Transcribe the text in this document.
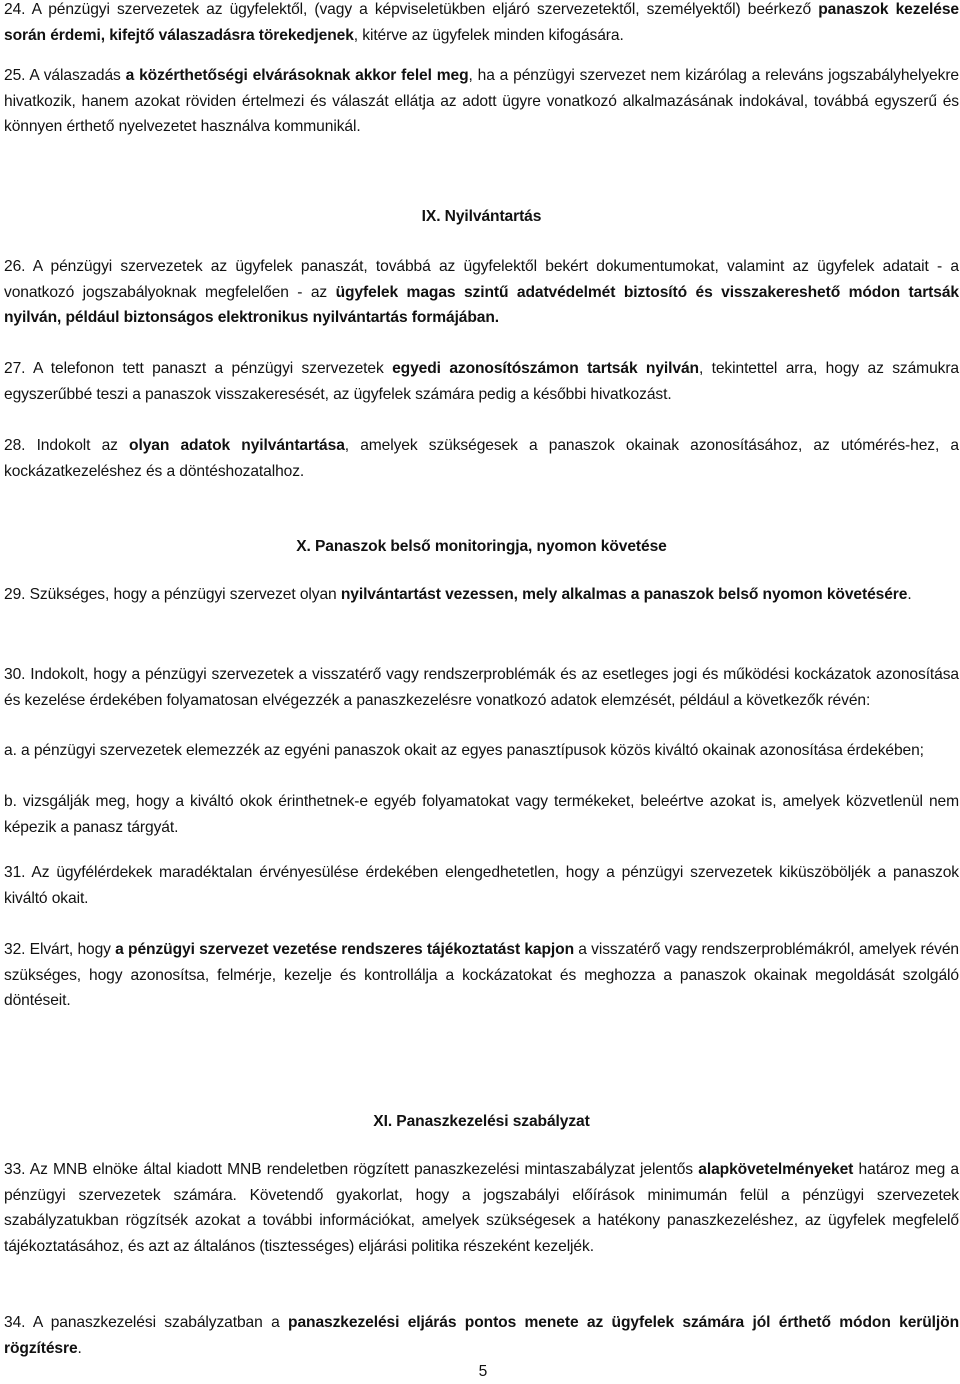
IX. Nyilvántartás
X. Panaszok belső monitoringja, nyomon követése
XI. Panaszkezelési szabályzat

24. A pénzügyi szervezetek az ügyfelektől, (vagy a képviseletükben eljáró szervezetektől, személyektől) beérkező panaszok kezelése során érdemi, kifejtő válaszadásra törekedjenek, kitérve az ügyfelek minden kifogására.

25. A válaszadás a közérthetőségi elvárásoknak akkor felel meg, ha a pénzügyi szervezet nem kizárólag a releváns jogszabályhelyekre hivatkozik, hanem azokat röviden értelmezi és válaszát ellátja az adott ügyre vonatkozó alkalmazásának indokával, továbbá egyszerű és könnyen érthető nyelvezetet használva kommunikál.

26. A pénzügyi szervezetek az ügyfelek panaszát, továbbá az ügyfelektől bekért dokumentumokat, valamint az ügyfelek adatait - a vonatkozó jogszabályoknak megfelelően - az ügyfelek magas szintű adatvédelmét biztosító és visszakereshető módon tartsák nyilván, például biztonságos elektronikus nyilvántartás formájában.

27. A telefonon tett panaszt a pénzügyi szervezetek egyedi azonosítószámon tartsák nyilván, tekintettel arra, hogy az számukra egyszerűbbé teszi a panaszok visszakeresését, az ügyfelek számára pedig a későbbi hivatkozást.

28. Indokolt az olyan adatok nyilvántartása, amelyek szükségesek a panaszok okainak azonosításához, az utómérés-hez, a kockázatkezeléshez és a döntéshozatalhoz.

29. Szükséges, hogy a pénzügyi szervezet olyan nyilvántartást vezessen, mely alkalmas a panaszok belső nyomon követésére.

30. Indokolt, hogy a pénzügyi szervezetek a visszatérő vagy rendszerproblémák és az esetleges jogi és működési kockázatok azonosítása és kezelése érdekében folyamatosan elvégezzék a panaszkezelésre vonatkozó adatok elemzését, például a következők révén:

a. a pénzügyi szervezetek elemezzék az egyéni panaszok okait az egyes panasztípusok közös kiváltó okainak azonosítása érdekében;

b. vizsgálják meg, hogy a kiváltó okok érinthetnek-e egyéb folyamatokat vagy termékeket, beleértve azokat is, amelyek közvetlenül nem képezik a panasz tárgyát.

31. Az ügyfélérdekek maradéktalan érvényesülése érdekében elengedhetetlen, hogy a pénzügyi szervezetek kiküszöböljék a panaszok kiváltó okait.

32. Elvárt, hogy a pénzügyi szervezet vezetése rendszeres tájékoztatást kapjon a visszatérő vagy rendszerproblémákról, amelyek révén szükséges, hogy azonosítsa, felmérje, kezelje és kontrollálja a kockázatokat és meghozza a panaszok okainak megoldását szolgáló döntéseit.

33. Az MNB elnöke által kiadott MNB rendeletben rögzített panaszkezelési mintaszabályzat jelentős alapkövetelményeket határoz meg a pénzügyi szervezetek számára. Követendő gyakorlat, hogy a jogszabályi előírások minimumán felül a pénzügyi szervezetek szabályzatukban rögzítsék azokat a további információkat, amelyek szükségesek a hatékony panaszkezeléshez, az ügyfelek megfelelő tájékoztatásához, és azt az általános (tisztességes) eljárási politika részeként kezeljék.

34. A panaszkezelési szabályzatban a panaszkezelési eljárás pontos menete az ügyfelek számára jól érthető módon kerüljön rögzítésre.

5
